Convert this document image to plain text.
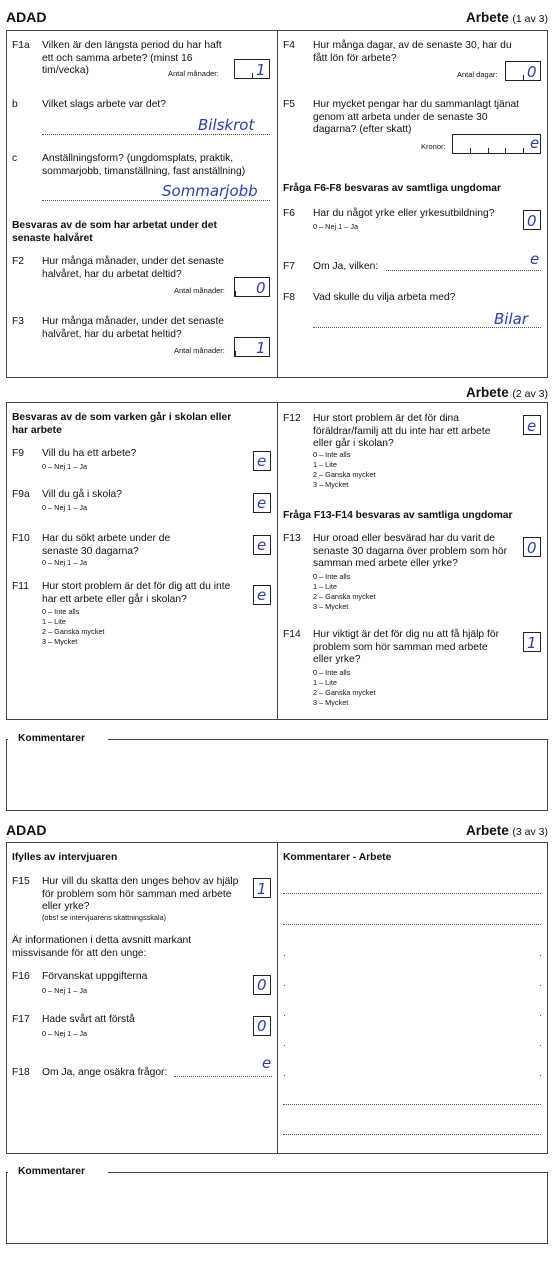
ADAD	Arbete (1 av 3)
F1a Vilken är den längsta period du har haft ett och samma arbete? (minst 16 tim/vecka)	Antal månader: 1
b Vilket slags arbete var det?
Bilskrot
c Anställningsform? (ungdomsplats, praktik, sommarjobb, timanställning, fast anställning)
Sommarjobb
Besvaras av de som har arbetat under det senaste halvåret
F2 Hur många månader, under det senaste halvåret, har du arbetat deltid?
Antal månader: 0
F3 Hur många månader, under det senaste halvåret, har du arbetat heltid?
Antal månader: 1
F4 Hur många dagar, av de senaste 30, har du fått lön för arbete?
Antal dagar: 0
F5 Hur mycket pengar har du sammanlagt tjänat genom att arbeta under de senaste 30 dagarna? (efter skatt)
Kronor:	e
Fråga F6-F8 besvaras av samtliga ungdomar
F6 Har du något yrke eller yrkesutbildning?
0 – Nej 1 – Ja	0
F7 Om Ja, vilken:	e
F8 Vad skulle du vilja arbeta med?
Bilar
Arbete (2 av 3)
Besvaras av de som varken går i skolan eller har arbete
F9 Vill du ha ett arbete?
0 – Nej 1 – Ja	e
F9a Vill du gå i skola?
0 – Nej 1 – Ja	e
F10 Har du sökt arbete under de senaste 30 dagarna?
0 – Nej 1 – Ja
e
F11 Hur stort problem är det för dig att du inte har ett arbete eller går i skolan?
0 – Inte alls
1 – Lite
2 – Ganska mycket
3 – Mycket
e
F12 Hur stort problem är det för dina föräldrar/familj att du inte har ett arbete eller går i skolan?
0 – Inte alls
1 – Lite
2 – Ganska mycket
3 – Mycket
e
Fråga F13-F14 besvaras av samtliga ungdomar
F13 Hur oroad eller besvärad har du varit de senaste 30 dagarna över problem som hör samman med arbete eller yrke?
0 – Inte alls
1 – Lite
2 – Ganska mycket
3 – Mycket
0
F14 Hur viktigt är det för dig nu att få hjälp för problem som hör samman med arbete eller yrke?
0 – Inte alls
1 – Lite
2 – Ganska mycket
3 – Mycket
1
Kommentarer
ADAD	Arbete (3 av 3)
Ifylles av intervjuaren
F15 Hur vill du skatta den unges behov av hjälp för problem som hör samman med arbete eller yrke?
(obs! se intervjuarens skattningsskala)
1
Är informationen i detta avsnitt markant missvisande för att den unge:
F16 Förvanskat uppgifterna
0 – Nej 1 – Ja	0
F17 Hade svårt att förstå
0 – Nej 1 – Ja	0
F18 Om Ja, ange osäkra frågor:
e
Kommentarer - Arbete
Kommentarer
